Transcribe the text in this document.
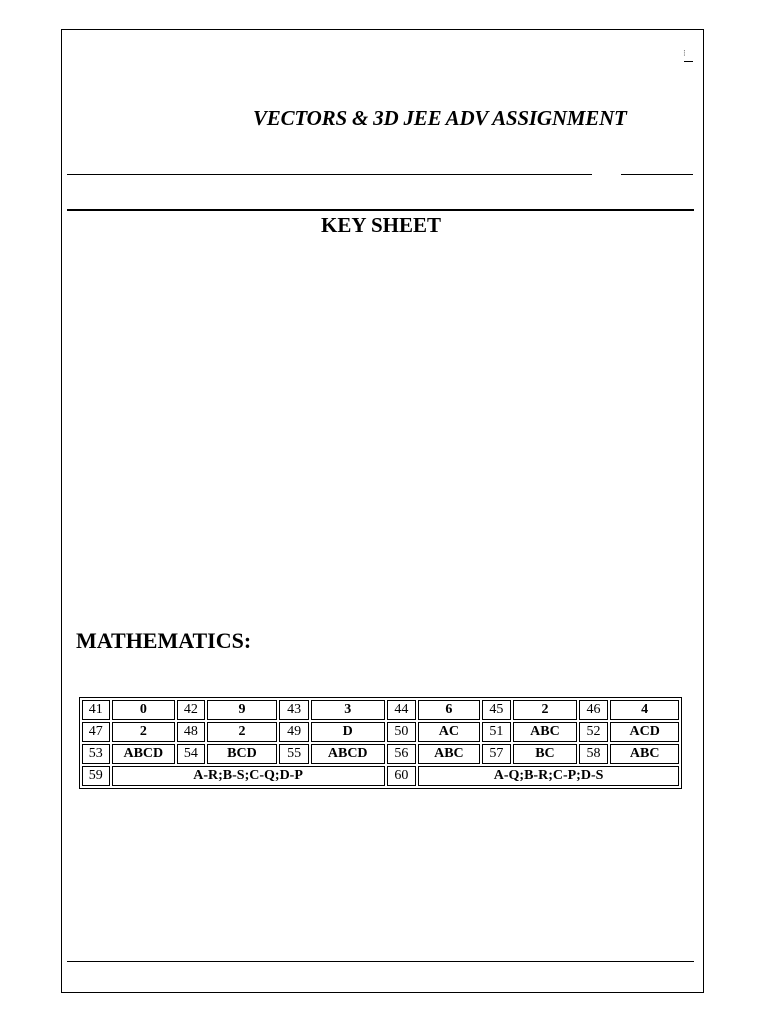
⁝
VECTORS & 3D JEE ADV ASSIGNMENT
KEY SHEET
MATHEMATICS:
41	0	42	9	43	3	44	6	45	2	46	4
47	2	48	2	49	D	50	AC	51	ABC	52	ACD
53	ABCD	54	BCD	55	ABCD	56	ABC	57	BC	58	ABC
59	A-R;B-S;C-Q;D-P					60	A-Q;B-R;C-P;D-S				
